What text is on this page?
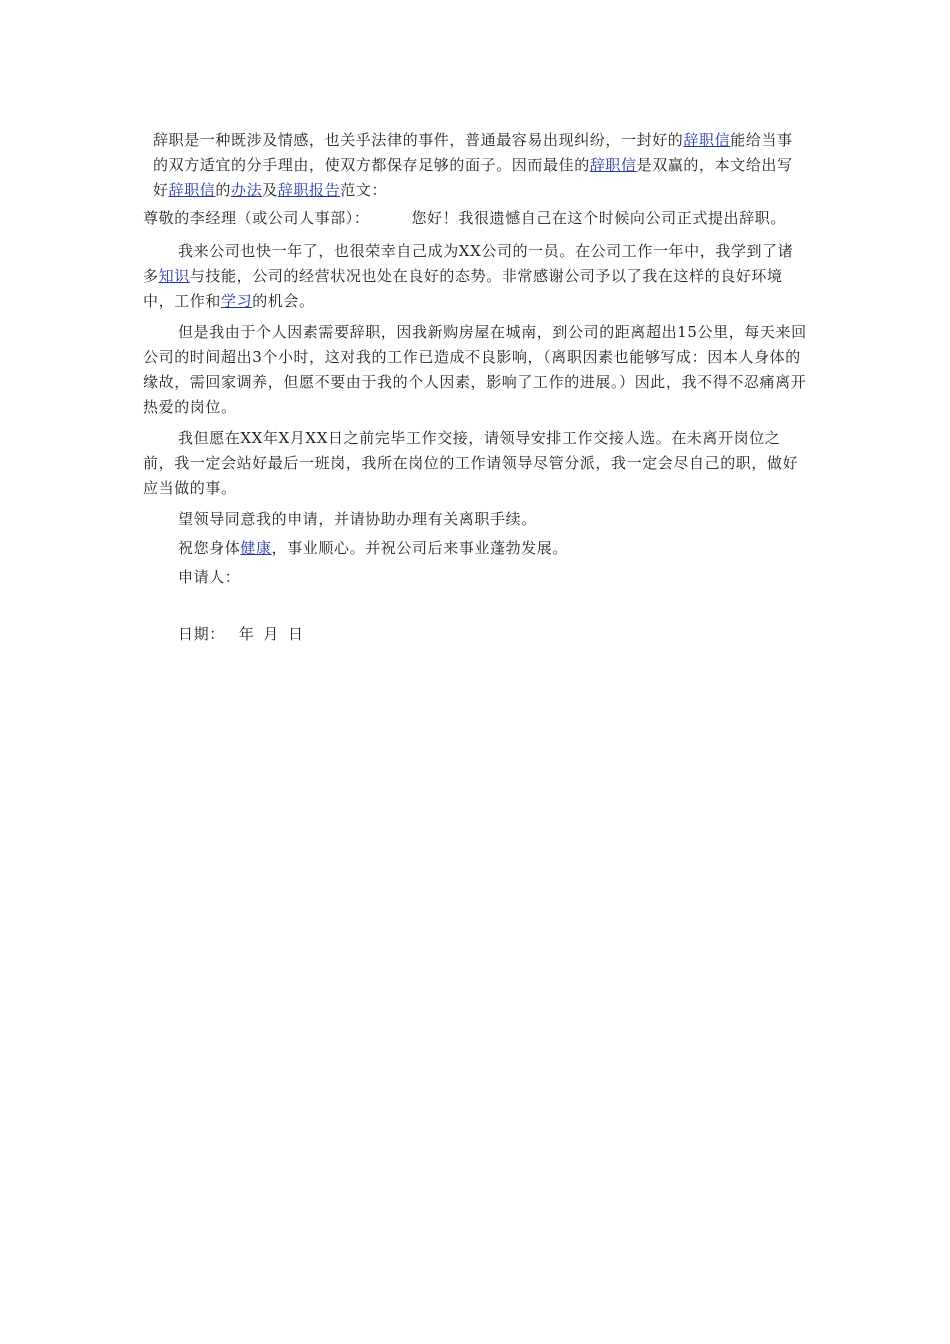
辞职是一种既涉及情感，也关乎法律的事件，普通最容易出现纠纷，一封好的辞职信能给当事的双方适宜的分手理由，使双方都保存足够的面子。因而最佳的辞职信是双赢的，本文给出写好辞职信的办法及辞职报告范文：

尊敬的李经理（或公司人事部）：	您好！我很遗憾自己在这个时候向公司正式提出辞职。

我来公司也快一年了，也很荣幸自己成为XX公司的一员。在公司工作一年中，我学到了诸多知识与技能，公司的经营状况也处在良好的态势。非常感谢公司予以了我在这样的良好环境中，工作和学习的机会。

但是我由于个人因素需要辞职，因我新购房屋在城南，到公司的距离超出15公里，每天来回公司的时间超出3个小时，这对我的工作已造成不良影响，（离职因素也能够写成：因本人身体的缘故，需回家调养，但愿不要由于我的个人因素，影响了工作的进展。）因此，我不得不忍痛离开热爱的岗位。

我但愿在XX年X月XX日之前完毕工作交接，请领导安排工作交接人选。在未离开岗位之前，我一定会站好最后一班岗，我所在岗位的工作请领导尽管分派，我一定会尽自己的职，做好应当做的事。

望领导同意我的申请，并请协助办理有关离职手续。

祝您身体健康，事业顺心。并祝公司后来事业蓬勃发展。

申请人：

日期： 年 月 日
